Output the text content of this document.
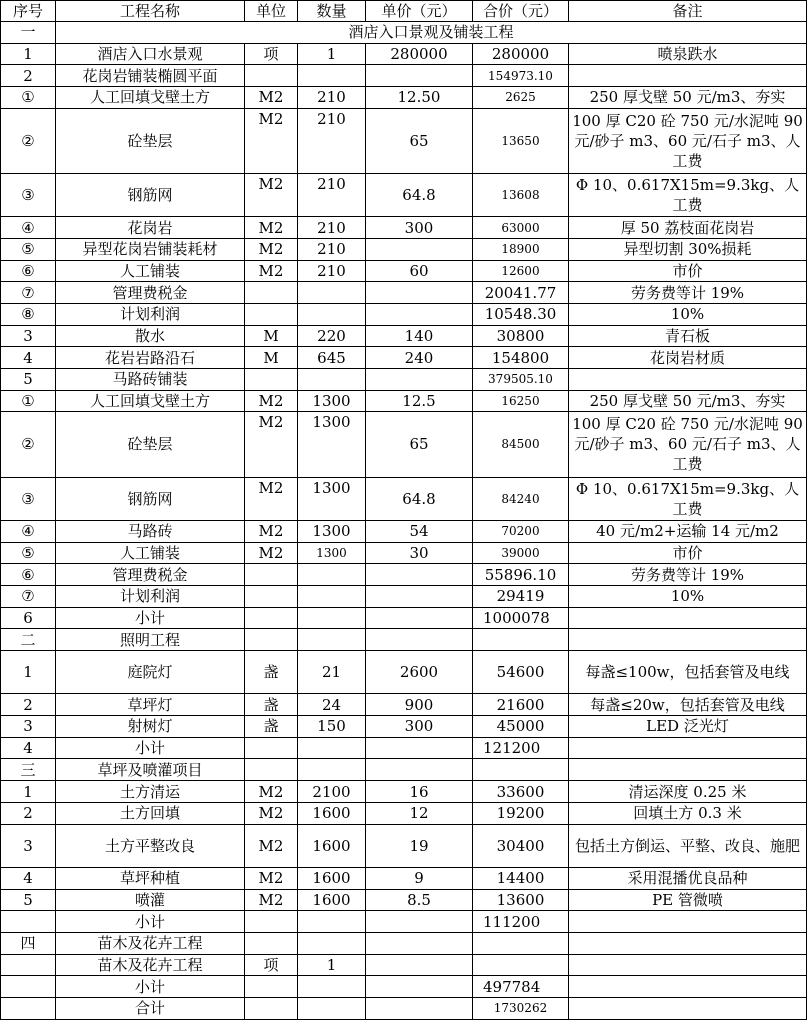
序号	工程名称	单位	数量	单价（元）	合价（元）	备注
一	酒店入口景观及铺装工程					
1	酒店入口水景观	项	1	280000	280000	喷泉跌水
2	花岗岩铺装椭圆平面				154973.10	
①	人工回填戈壁土方	M2	210	12.50	2625	250 厚戈壁 50 元/m3、夯实
②	砼垫层	M2	210	65	13650	100 厚 C20 砼 750 元/水泥吨 90 元/砂子 m3、60 元/石子 m3、人工费
③	钢筋网	M2	210	64.8	13608	Φ 10、0.617X15m=9.3kg、人工费
④	花岗岩	M2	210	300	63000	厚 50 荔枝面花岗岩
⑤	异型花岗岩铺装耗材	M2	210		18900	异型切割 30%损耗
⑥	人工铺装	M2	210	60	12600	市价
⑦	管理费税金				20041.77	劳务费等计 19%
⑧	计划利润				10548.30	10%
3	散水	M	220	140	30800	青石板
4	花岩岩路沿石	M	645	240	154800	花岗岩材质
5	马路砖铺装				379505.10	
①	人工回填戈壁土方	M2	1300	12.5	16250	250 厚戈壁 50 元/m3、夯实
②	砼垫层	M2	1300	65	84500	100 厚 C20 砼 750 元/水泥吨 90 元/砂子 m3、60 元/石子 m3、人工费
③	钢筋网	M2	1300	64.8	84240	Φ 10、0.617X15m=9.3kg、人工费
④	马路砖	M2	1300	54	70200	40 元/m2+运输 14 元/m2
⑤	人工铺装	M2	1300	30	39000	市价
⑥	管理费税金				55896.10	劳务费等计 19%
⑦	计划利润				29419	10%
6	小计				1000078	
二	照明工程					
1	庭院灯	盏	21	2600	54600	每盏≤100w，包括套管及电线
2	草坪灯	盏	24	900	21600	每盏≤20w，包括套管及电线
3	射树灯	盏	150	300	45000	LED 泛光灯
4	小计				121200	
三	草坪及喷灌项目					
1	土方清运	M2	2100	16	33600	清运深度 0.25 米
2	土方回填	M2	1600	12	19200	回填土方 0.3 米
3	土方平整改良	M2	1600	19	30400	包括土方倒运、平整、改良、施肥
4	草坪种植	M2	1600	9	14400	采用混播优良品种
5	喷灌	M2	1600	8.5	13600	PE 管微喷
	小计				111200	
四	苗木及花卉工程					
	苗木及花卉工程	项	1			
	小计				497784	
	合计				1730262	
